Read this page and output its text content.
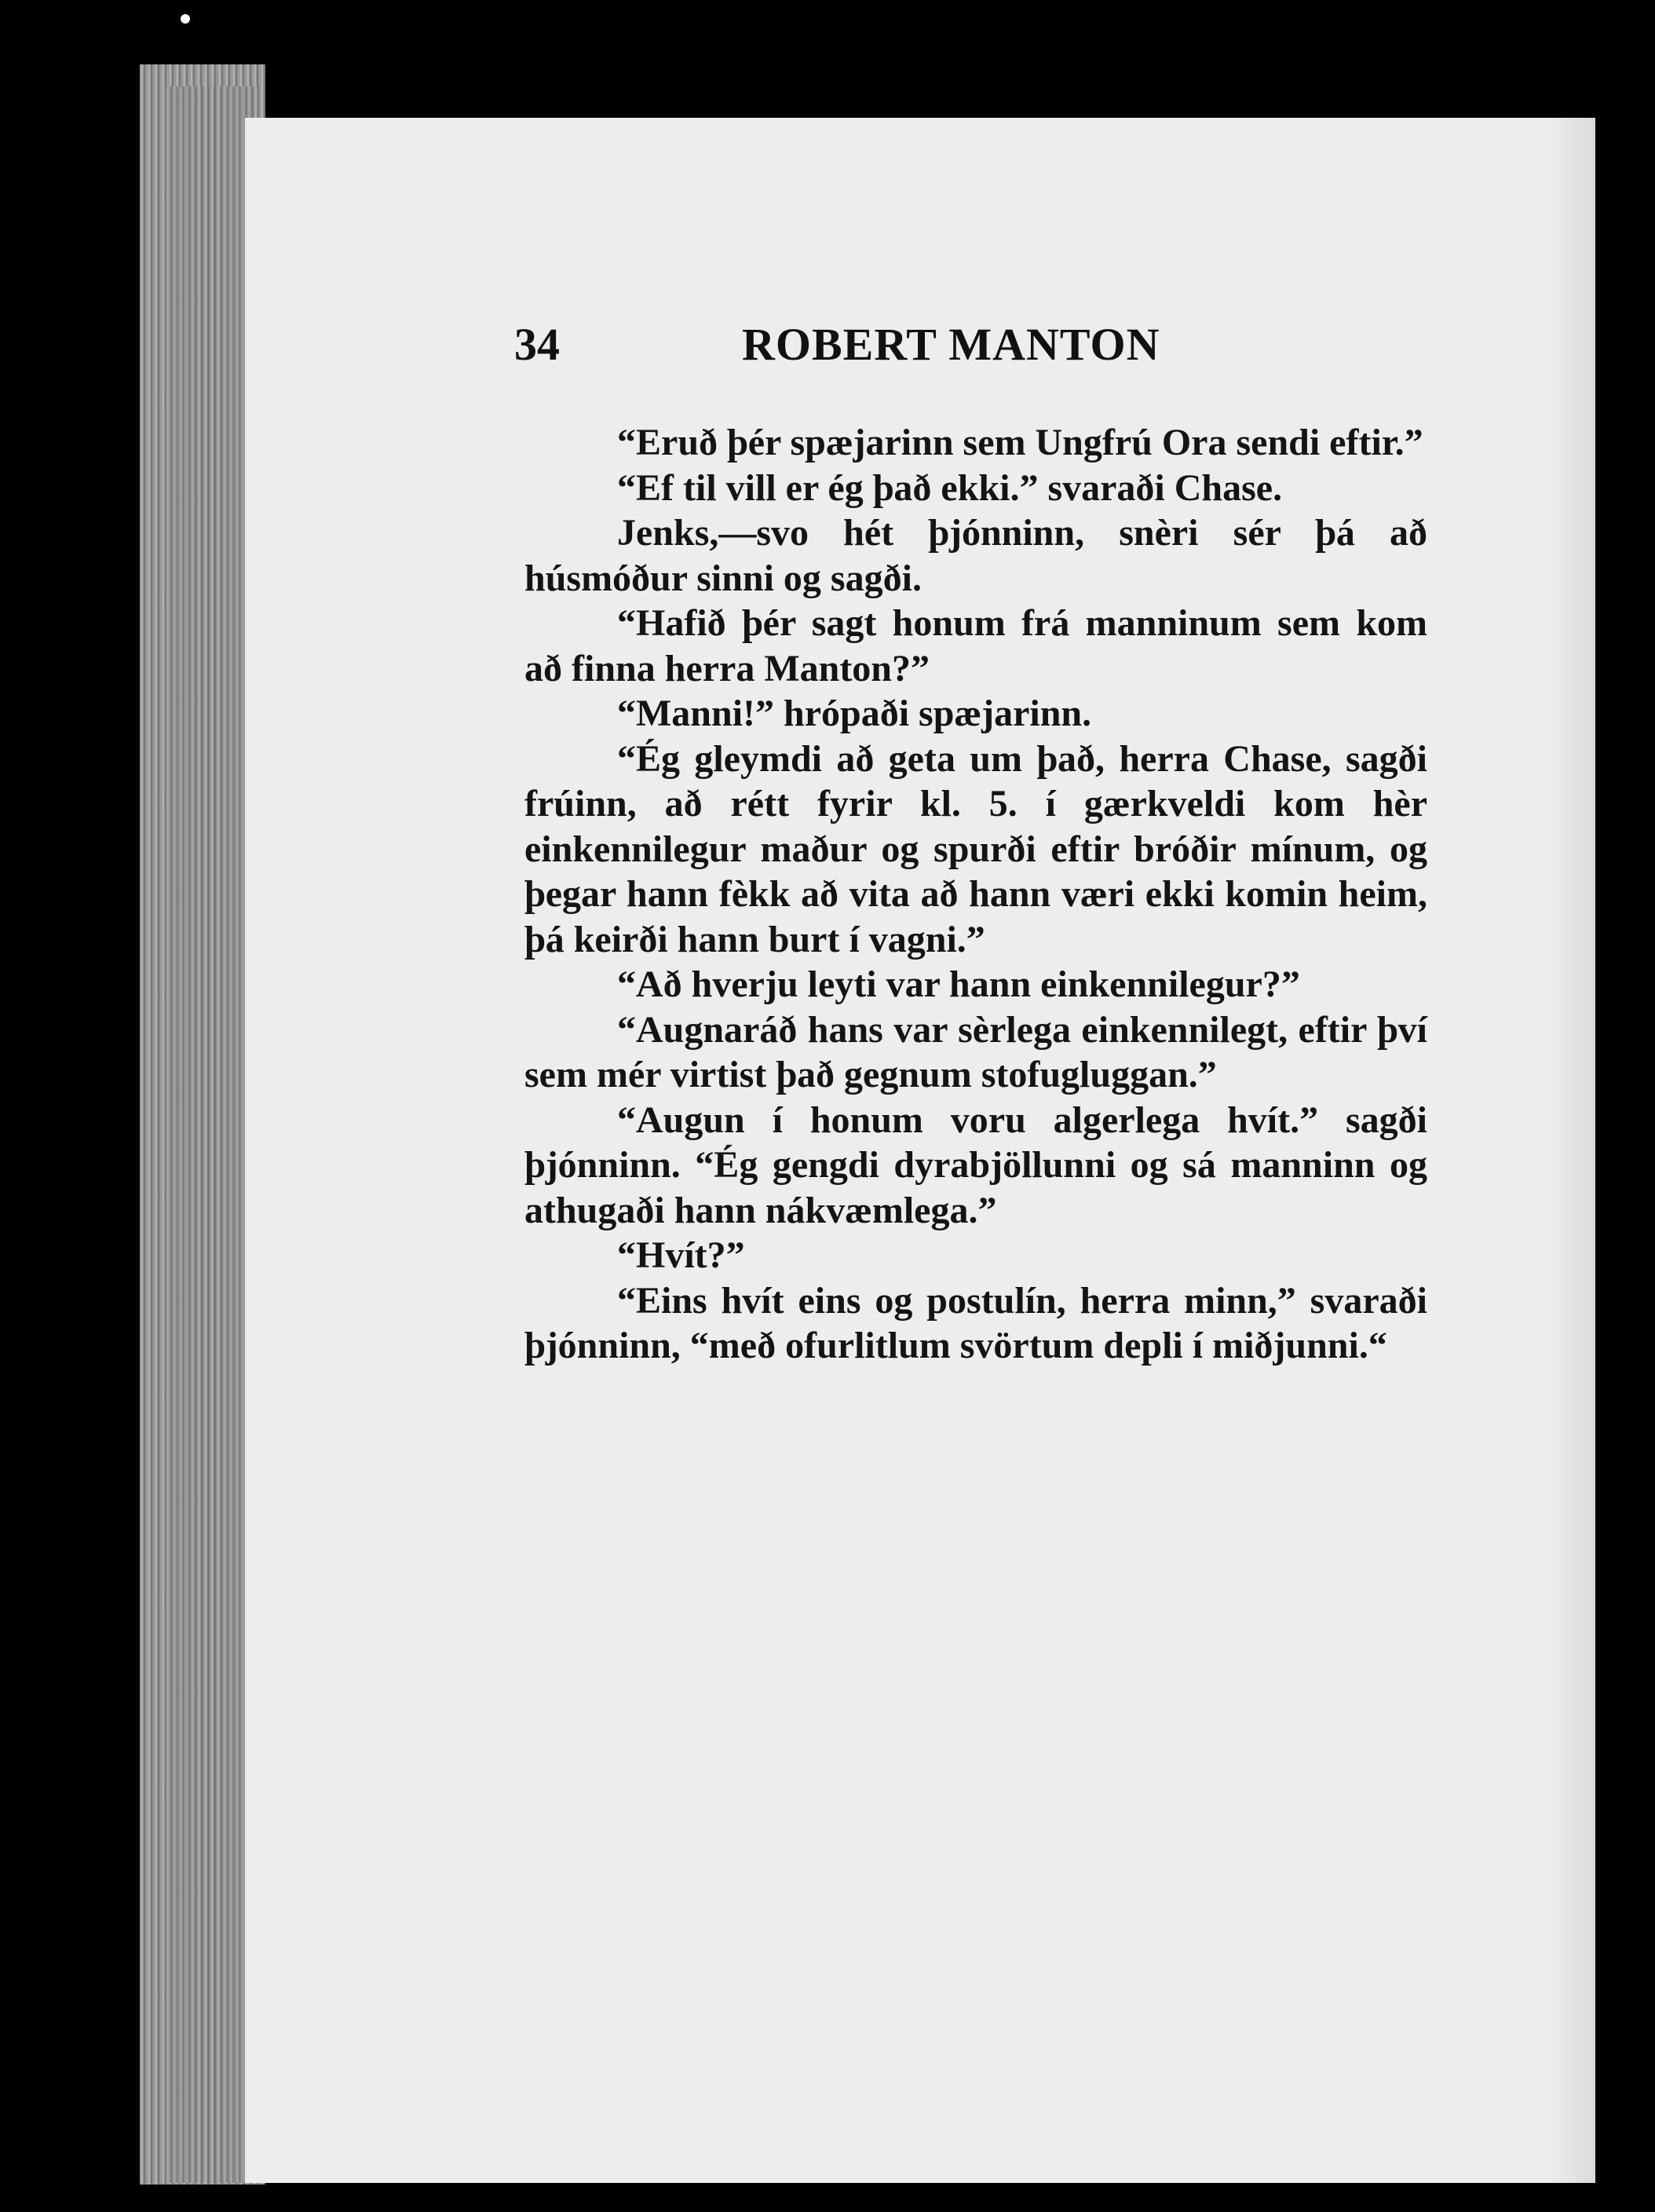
34	ROBERT MANTON

“Eruð þér spæjarinn sem Ungfrú Ora sendi eftir.”

“Ef til vill er ég það ekki.” svaraði Chase.

Jenks,—svo hét þjónninn, snèri sér þá að húsmóður sinni og sagði.

“Hafið þér sagt honum frá manninum sem kom að finna herra Manton?”

“Manni!” hrópaði spæjarinn.

“Ég gleymdi að geta um það, herra Chase, sagði frúinn, að rétt fyrir kl. 5. í gærkveldi kom hèr einkennilegur maður og spurði eftir bróðir mínum, og þegar hann fèkk að vita að hann væri ekki komin heim, þá keirði hann burt í vagni.”

“Að hverju leyti var hann einkennilegur?”

“Augnaráð hans var sèrlega einkennilegt, eftir því sem mér virtist það gegnum stofugluggan.”

“Augun í honum voru algerlega hvít.” sagði þjónninn. “Ég gengdi dyrabjöllunni og sá manninn og athugaði hann nákvæmlega.”

“Hvít?”

“Eins hvít eins og postulín, herra minn,” svaraði þjónninn, “með ofurlitlum svörtum depli í miðjunni.“
